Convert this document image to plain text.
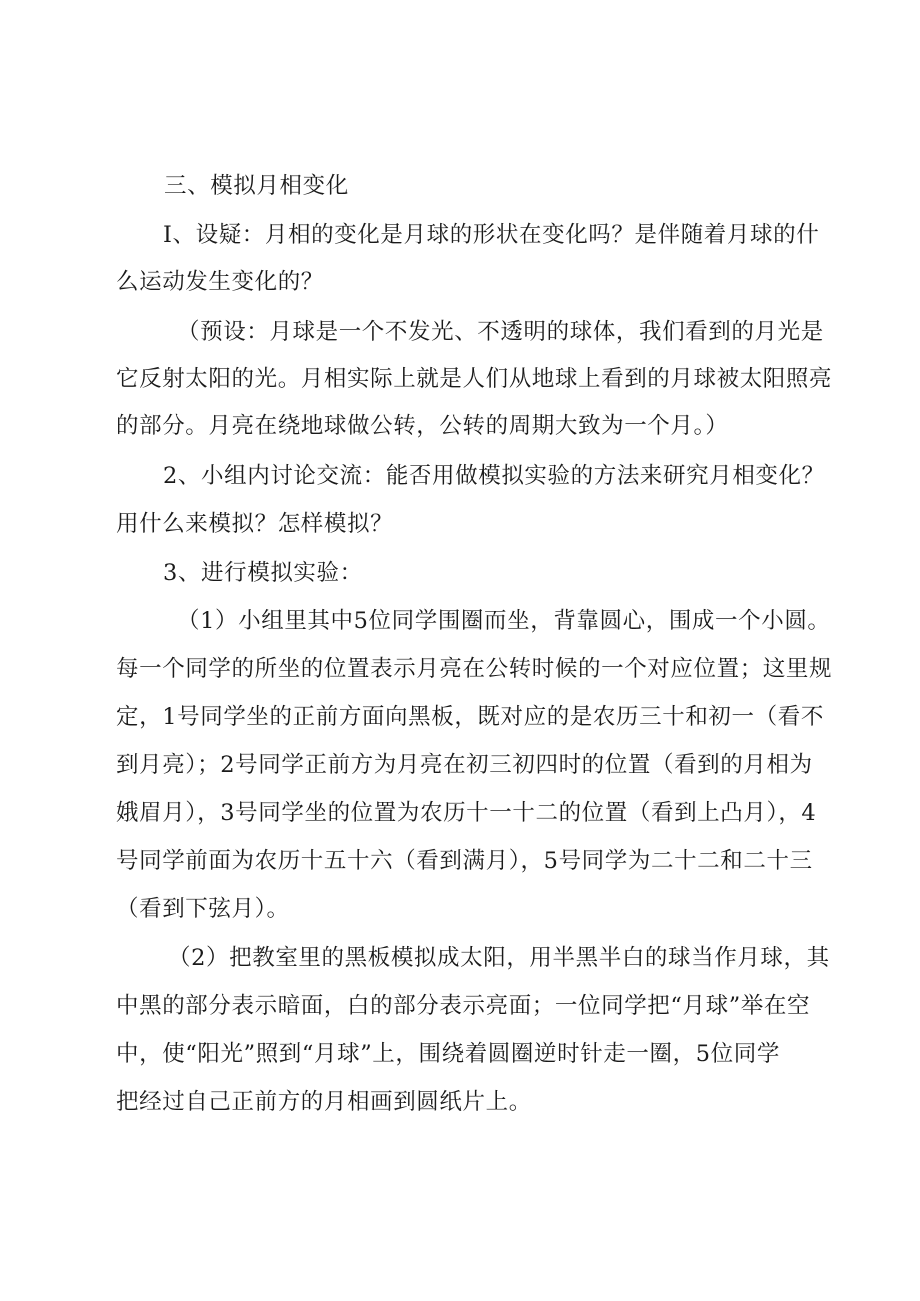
三、模拟月相变化
I、设疑：月相的变化是月球的形状在变化吗？是伴随着月球的什
么运动发生变化的？
（预设：月球是一个不发光、不透明的球体，我们看到的月光是
它反射太阳的光。月相实际上就是人们从地球上看到的月球被太阳照亮
的部分。月亮在绕地球做公转，公转的周期大致为一个月。）
2、小组内讨论交流：能否用做模拟实验的方法来研究月相变化？
用什么来模拟？怎样模拟？
3、进行模拟实验：
（1）小组里其中5位同学围圈而坐，背靠圆心，围成一个小圆。
每一个同学的所坐的位置表示月亮在公转时候的一个对应位置；这里规
定，1号同学坐的正前方面向黑板，既对应的是农历三十和初一（看不
到月亮）；2号同学正前方为月亮在初三初四时的位置（看到的月相为
娥眉月），3号同学坐的位置为农历十一十二的位置（看到上凸月），4
号同学前面为农历十五十六（看到满月），5号同学为二十二和二十三
（看到下弦月）。
（2）把教室里的黑板模拟成太阳，用半黑半白的球当作月球，其
中黑的部分表示暗面，白的部分表示亮面；一位同学把“月球”举在空
中，使“阳光”照到“月球”上，围绕着圆圈逆时针走一圈，5位同学
把经过自己正前方的月相画到圆纸片上。
